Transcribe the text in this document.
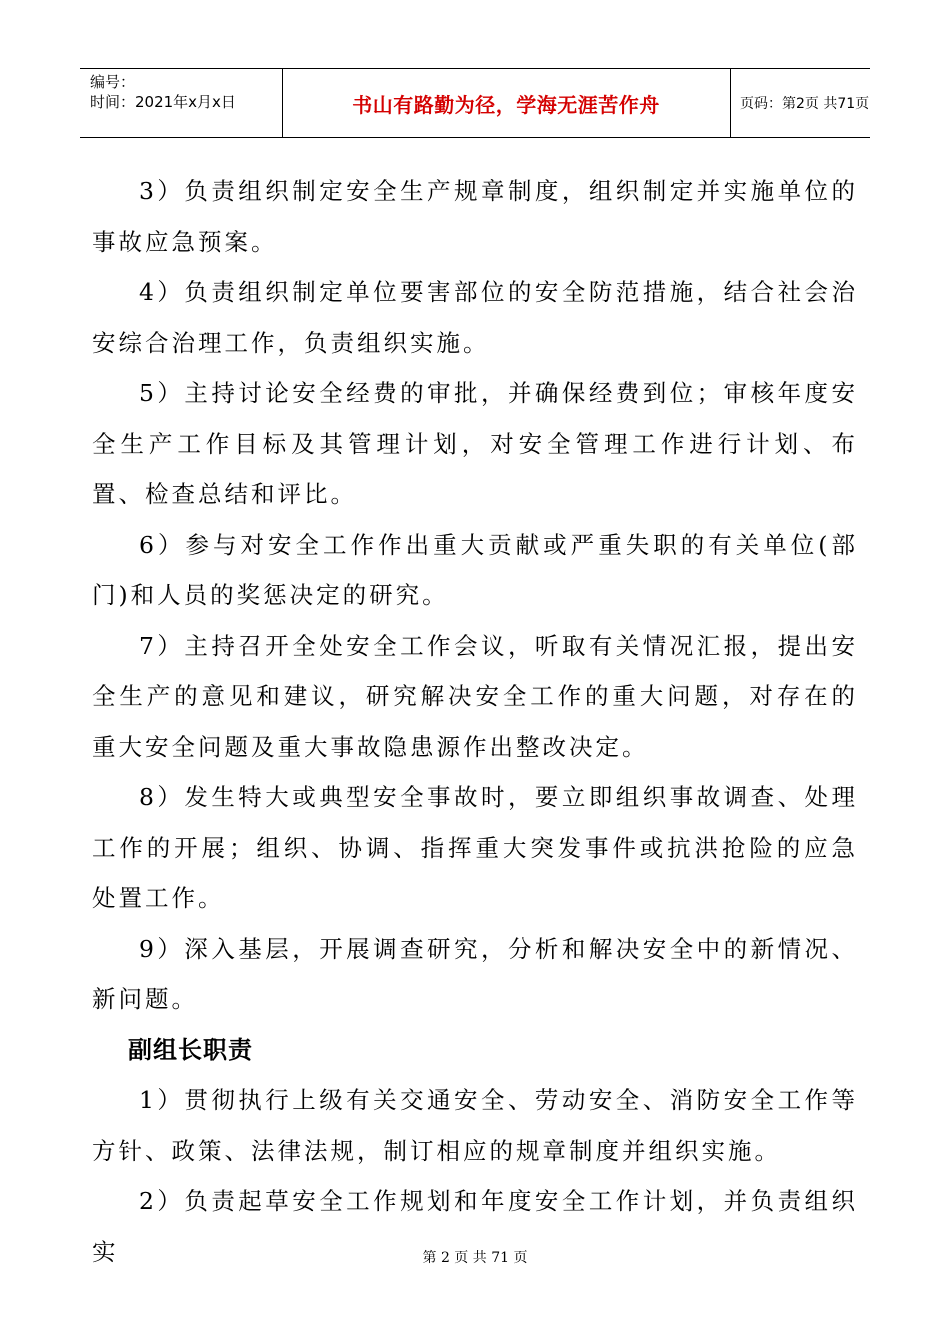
编号：
时间：2021年x月x日	书山有路勤为径，学海无涯苦作舟	页码：第2页 共71页

3）负责组织制定安全生产规章制度，组织制定并实施单位的事故应急预案。

4）负责组织制定单位要害部位的安全防范措施，结合社会治安综合治理工作，负责组织实施。

5）主持讨论安全经费的审批，并确保经费到位；审核年度安全生产工作目标及其管理计划，对安全管理工作进行计划、布置、检查总结和评比。

6）参与对安全工作作出重大贡献或严重失职的有关单位(部门)和人员的奖惩决定的研究。

7）主持召开全处安全工作会议，听取有关情况汇报，提出安全生产的意见和建议，研究解决安全工作的重大问题，对存在的重大安全问题及重大事故隐患源作出整改决定。

8）发生特大或典型安全事故时，要立即组织事故调查、处理工作的开展；组织、协调、指挥重大突发事件或抗洪抢险的应急处置工作。

9）深入基层，开展调查研究，分析和解决安全中的新情况、新问题。

副组长职责

1）贯彻执行上级有关交通安全、劳动安全、消防安全工作等方针、政策、法律法规，制订相应的规章制度并组织实施。

2）负责起草安全工作规划和年度安全工作计划，并负责组织实	第 2 页 共 71 页
